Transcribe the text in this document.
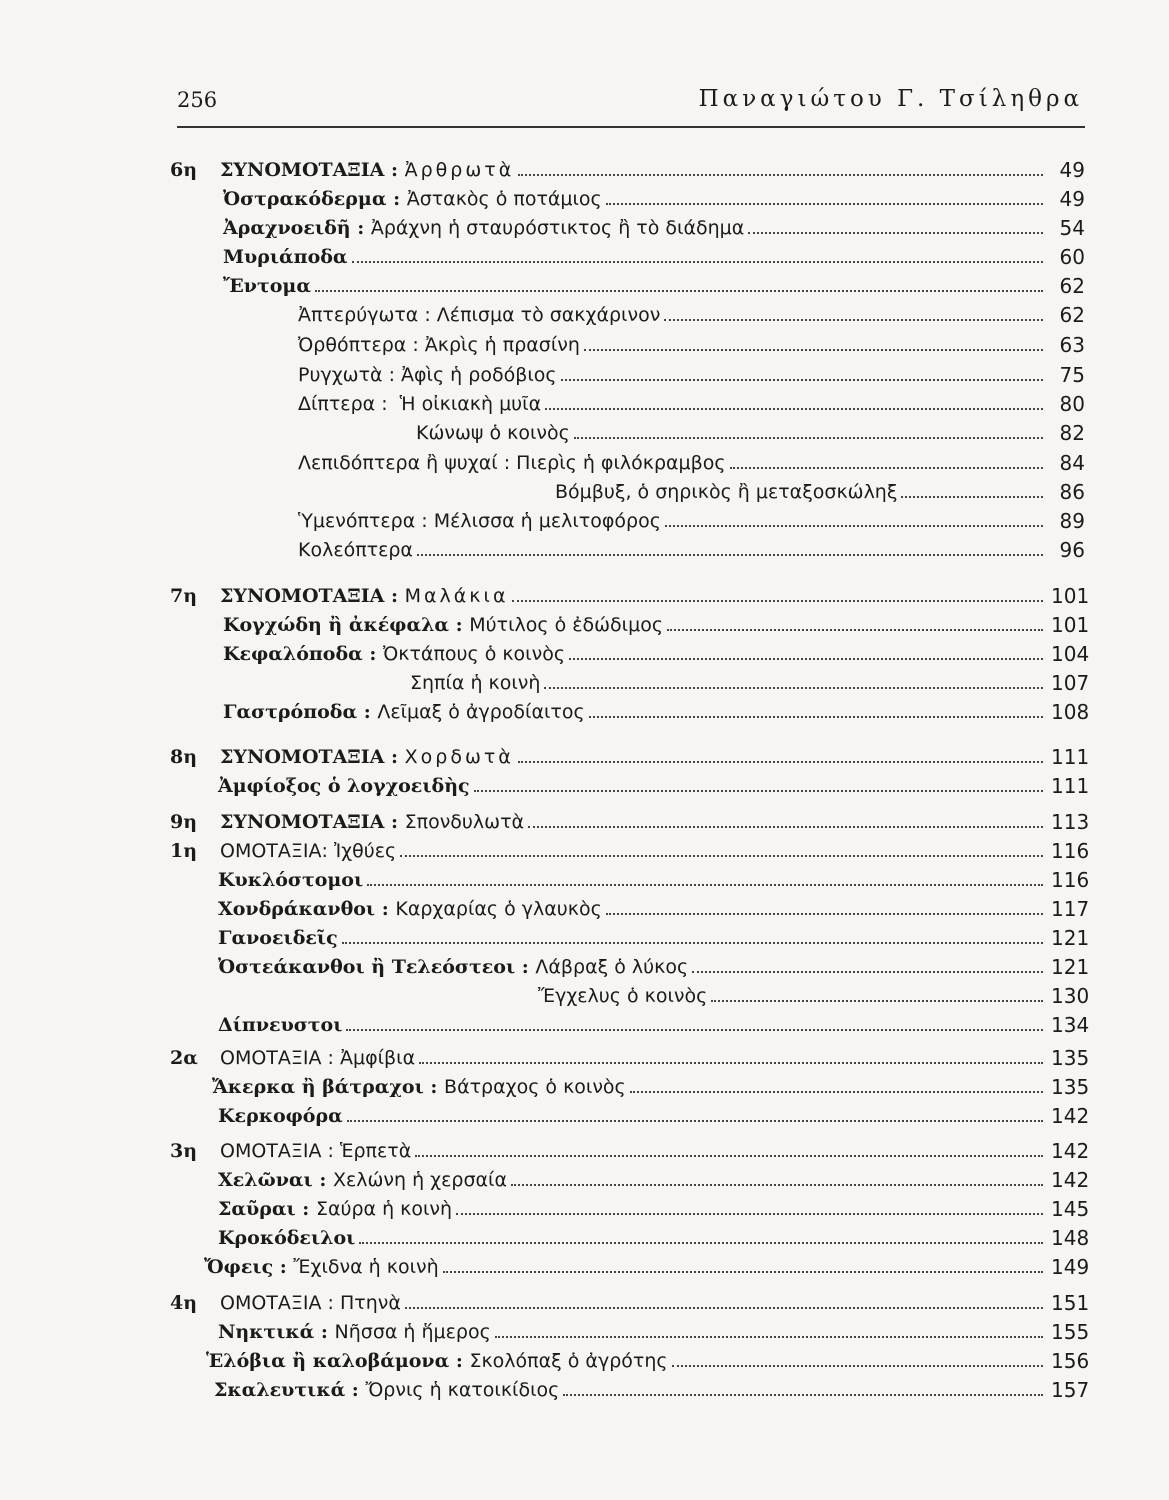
256	Παναγιώτου Γ. Τσίληθρα
6η	ΣΥΝΟΜΟΤΑΞΙΑ : Ἀρθρωτὰ	49
Ὀστρακόδερμα : Ἀστακὸς ὁ ποτάμιος	49
Ἀραχνοειδῆ : Ἀράχνη ἡ σταυρόστικτος ἢ τὸ διάδημα	54
Μυριάποδα	60
Ἔντομα	62
Ἀπτερύγωτα : Λέπισμα τὸ σακχάρινον	62
Ὀρθόπτερα : Ἀκρὶς ἡ πρασίνη	63
Ρυγχωτὰ : Ἀφὶς ἡ ροδόβιος	75
Δίπτερα :  Ἡ οἰκιακὴ μυῖα	80
Κώνωψ ὁ κοινὸς	82
Λεπιδόπτερα ἢ ψυχαί : Πιερὶς ἡ φιλόκραμβος	84
Βόμβυξ, ὁ σηρικὸς ἢ μεταξοσκώληξ	86
Ὑμενόπτερα : Μέλισσα ἡ μελιτοφόρος	89
Κολεόπτερα	96
7η	ΣΥΝΟΜΟΤΑΞΙΑ : Μαλάκια	101
Κογχώδη ἢ ἀκέφαλα : Μύτιλος ὁ ἐδώδιμος	101
Κεφαλόποδα : Ὀκτάπους ὁ κοινὸς	104
Σηπία ἡ κοινὴ	107
Γαστρόποδα : Λεῖμαξ ὁ ἀγροδίαιτος	108
8η	ΣΥΝΟΜΟΤΑΞΙΑ : Χορδωτὰ	111
Ἀμφίοξος ὁ λογχοειδὴς	111
9η	ΣΥΝΟΜΟΤΑΞΙΑ : Σπονδυλωτὰ	113
1η	ΟΜΟΤΑΞΙΑ: Ἰχθύες	116
Κυκλόστομοι	116
Χονδράκανθοι : Καρχαρίας ὁ γλαυκὸς	117
Γανοειδεῖς	121
Ὀστεάκανθοι ἢ Τελεόστεοι : Λάβραξ ὁ λύκος	121
Ἔγχελυς ὁ κοινὸς	130
Δίπνευστοι	134
2α	ΟΜΟΤΑΞΙΑ : Ἀμφίβια	135
Ἄκερκα ἢ βάτραχοι : Βάτραχος ὁ κοινὸς	135
Κερκοφόρα	142
3η	ΟΜΟΤΑΞΙΑ : Ἑρπετὰ	142
Χελῶναι : Χελώνη ἡ χερσαία	142
Σαῦραι : Σαύρα ἡ κοινὴ	145
Κροκόδειλοι	148
Ὄφεις : Ἔχιδνα ἡ κοινὴ	149
4η	ΟΜΟΤΑΞΙΑ : Πτηνὰ	151
Νηκτικά : Νῆσσα ἡ ἥμερος	155
Ἑλόβια ἢ καλοβάμονα : Σκολόπαξ ὁ ἀγρότης	156
Σκαλευτικά : Ὄρνις ἡ κατοικίδιος	157
